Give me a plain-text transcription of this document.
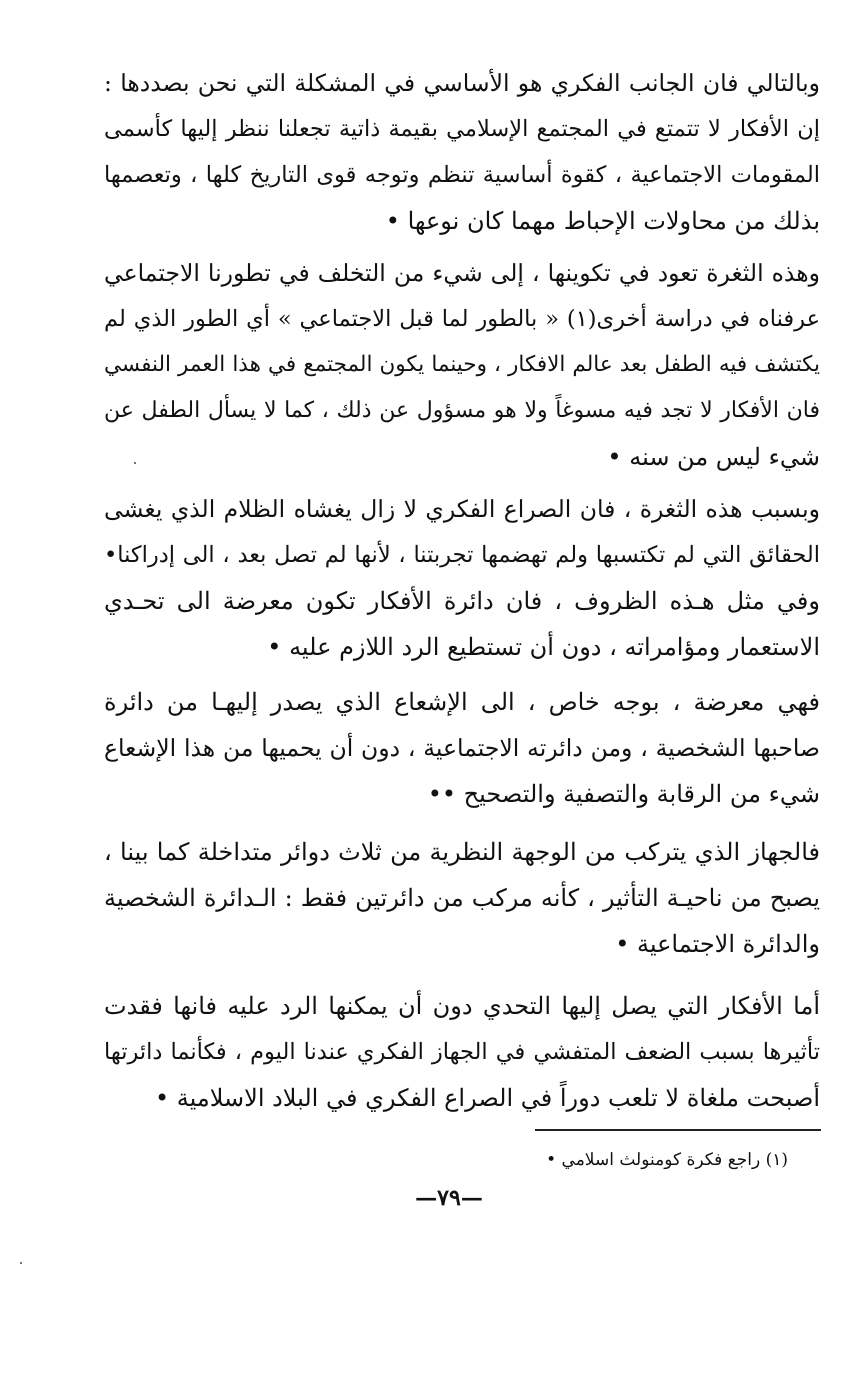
وبالتالي فان الجانب الفكري هو الأساسي في المشكلة التي نحن بصددها :
إن الأفكار لا تتمتع في المجتمع الإسلامي بقيمة ذاتية تجعلنا ننظر إليها كأسمى
المقومات الاجتماعية ، كقوة أساسية تنظم وتوجه قوى التاريخ كلها ، وتعصمها
بذلك من محاولات الإحباط مهما كان نوعها •
وهذه الثغرة تعود في تكوينها ، إلى شيء من التخلف في تطورنا الاجتماعي
عرفناه في دراسة أخرى(١) « بالطور لما قبل الاجتماعي » أي الطور الذي لم
يكتشف فيه الطفل بعد عالم الافكار ، وحينما يكون المجتمع في هذا العمر النفسي
فان الأفكار لا تجد فيه مسوغاً ولا هو مسؤول عن ذلك ، كما لا يسأل الطفل عن
شيء ليس من سنه •
وبسبب هذه الثغرة ، فان الصراع الفكري لا زال يغشاه الظلام الذي يغشى
الحقائق التي لم تكتسبها ولم تهضمها تجربتنا ، لأنها لم تصل بعد ، الى إدراكنا•
وفي مثل هـذه الظروف ، فان دائرة الأفكار تكون معرضة الى تحـدي
الاستعمار ومؤامراته ، دون أن تستطيع الرد اللازم عليه •
فهي معرضة ، بوجه خاص ، الى الإشعاع الذي يصدر إليهـا من دائرة
صاحبها الشخصية ، ومن دائرته الاجتماعية ، دون أن يحميها من هذا الإشعاع
شيء من الرقابة والتصفية والتصحيح ••
فالجهاز الذي يتركب من الوجهة النظرية من ثلاث دوائر متداخلة كما بينا ،
يصبح من ناحيـة التأثير ، كأنه مركب من دائرتين فقط : الـدائرة الشخصية
والدائرة الاجتماعية •
أما الأفكار التي يصل إليها التحدي دون أن يمكنها الرد عليه فانها فقدت
تأثيرها بسبب الضعف المتفشي في الجهاز الفكري عندنا اليوم ، فكأنما دائرتها
أصبحت ملغاة لا تلعب دوراً في الصراع الفكري في البلاد الاسلامية •
(١) راجع فكرة كومنولث اسلامي •
—٧٩—
